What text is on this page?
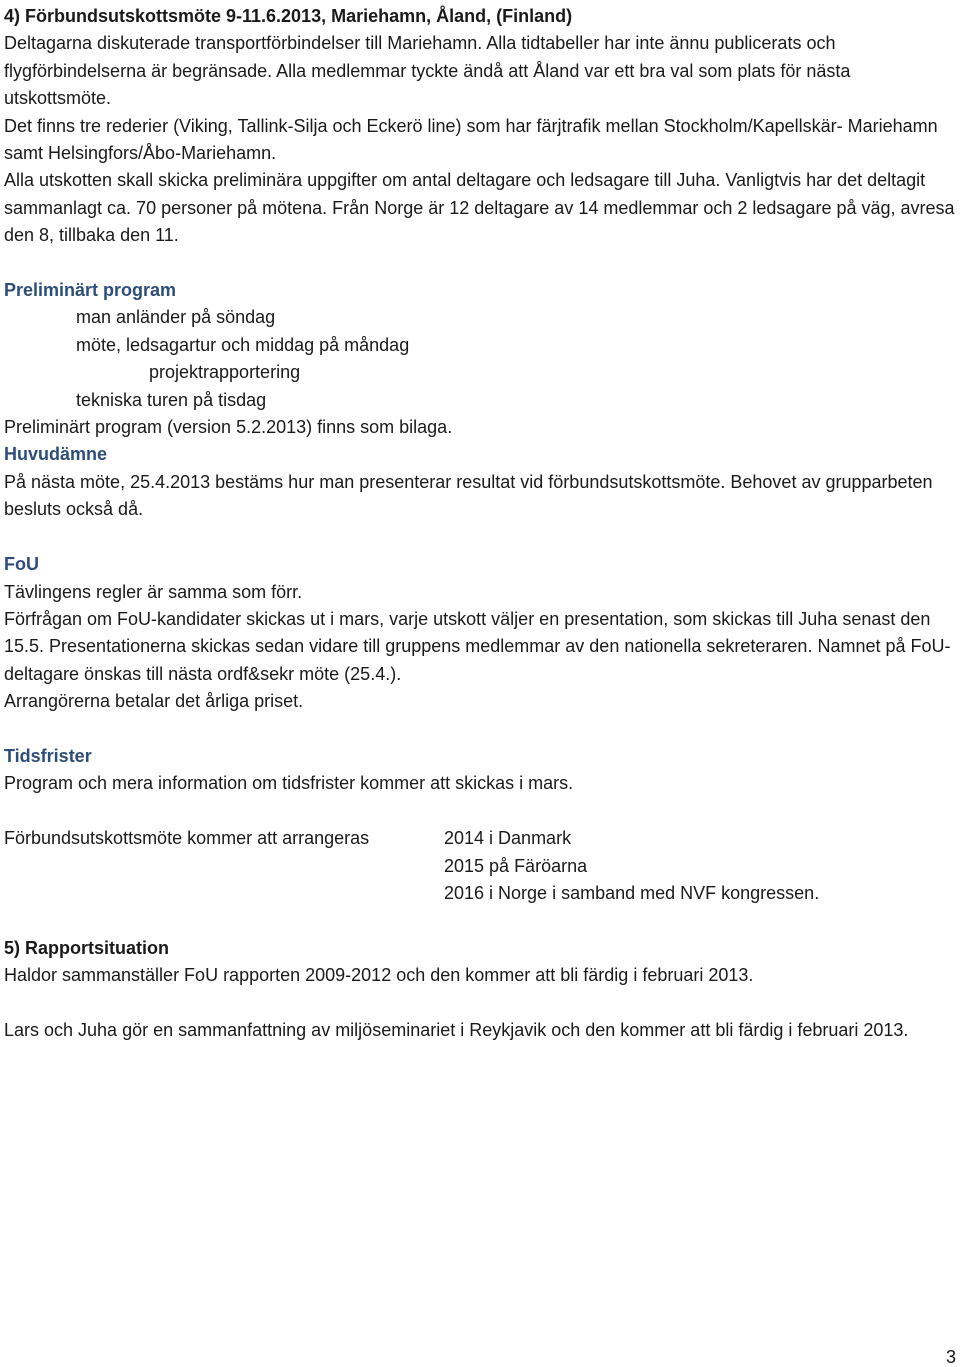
4) Förbundsutskottsmöte 9-11.6.2013, Mariehamn, Åland, (Finland)

Deltagarna diskuterade transportförbindelser till Mariehamn. Alla tidtabeller har inte ännu publicerats och flygförbindelserna är begränsade. Alla medlemmar tyckte ändå att Åland var ett bra val som plats för nästa utskottsmöte.

Det finns tre rederier (Viking, Tallink-Silja och Eckerö line) som har färjtrafik mellan Stockholm/Kapellskär- Mariehamn samt Helsingfors/Åbo-Mariehamn.

Alla utskotten skall skicka preliminära uppgifter om antal deltagare och ledsagare till Juha. Vanligtvis har det deltagit sammanlagt ca. 70 personer på mötena. Från Norge är 12 deltagare av 14 medlemmar och 2 ledsagare på väg, avresa den 8, tillbaka den 11.

Preliminärt program

man anländer på söndag

möte, ledsagartur och middag på måndag

projektrapportering

tekniska turen på tisdag

Preliminärt program (version 5.2.2013) finns som bilaga.

Huvudämne

På nästa möte, 25.4.2013 bestäms hur man presenterar resultat vid förbundsutskottsmöte. Behovet av grupparbeten besluts också då.

FoU

Tävlingens regler är samma som förr.

Förfrågan om FoU-kandidater skickas ut i mars, varje utskott väljer en presentation, som skickas till Juha senast den 15.5. Presentationerna skickas sedan vidare till gruppens medlemmar av den nationella sekreteraren. Namnet på FoU-deltagare önskas till nästa ordf&sekr möte (25.4.).

Arrangörerna betalar det årliga priset.

Tidsfrister

Program och mera information om tidsfrister kommer att skickas i mars.

Förbundsutskottsmöte kommer att arrangeras	2014 i Danmark
2015 på Färöarna
2016 i Norge i samband med NVF kongressen.

5) Rapportsituation

Haldor sammanställer FoU rapporten 2009-2012 och den kommer att bli färdig i februari 2013.

Lars och Juha gör en sammanfattning av miljöseminariet i Reykjavik och den kommer att bli färdig i februari 2013.

3
